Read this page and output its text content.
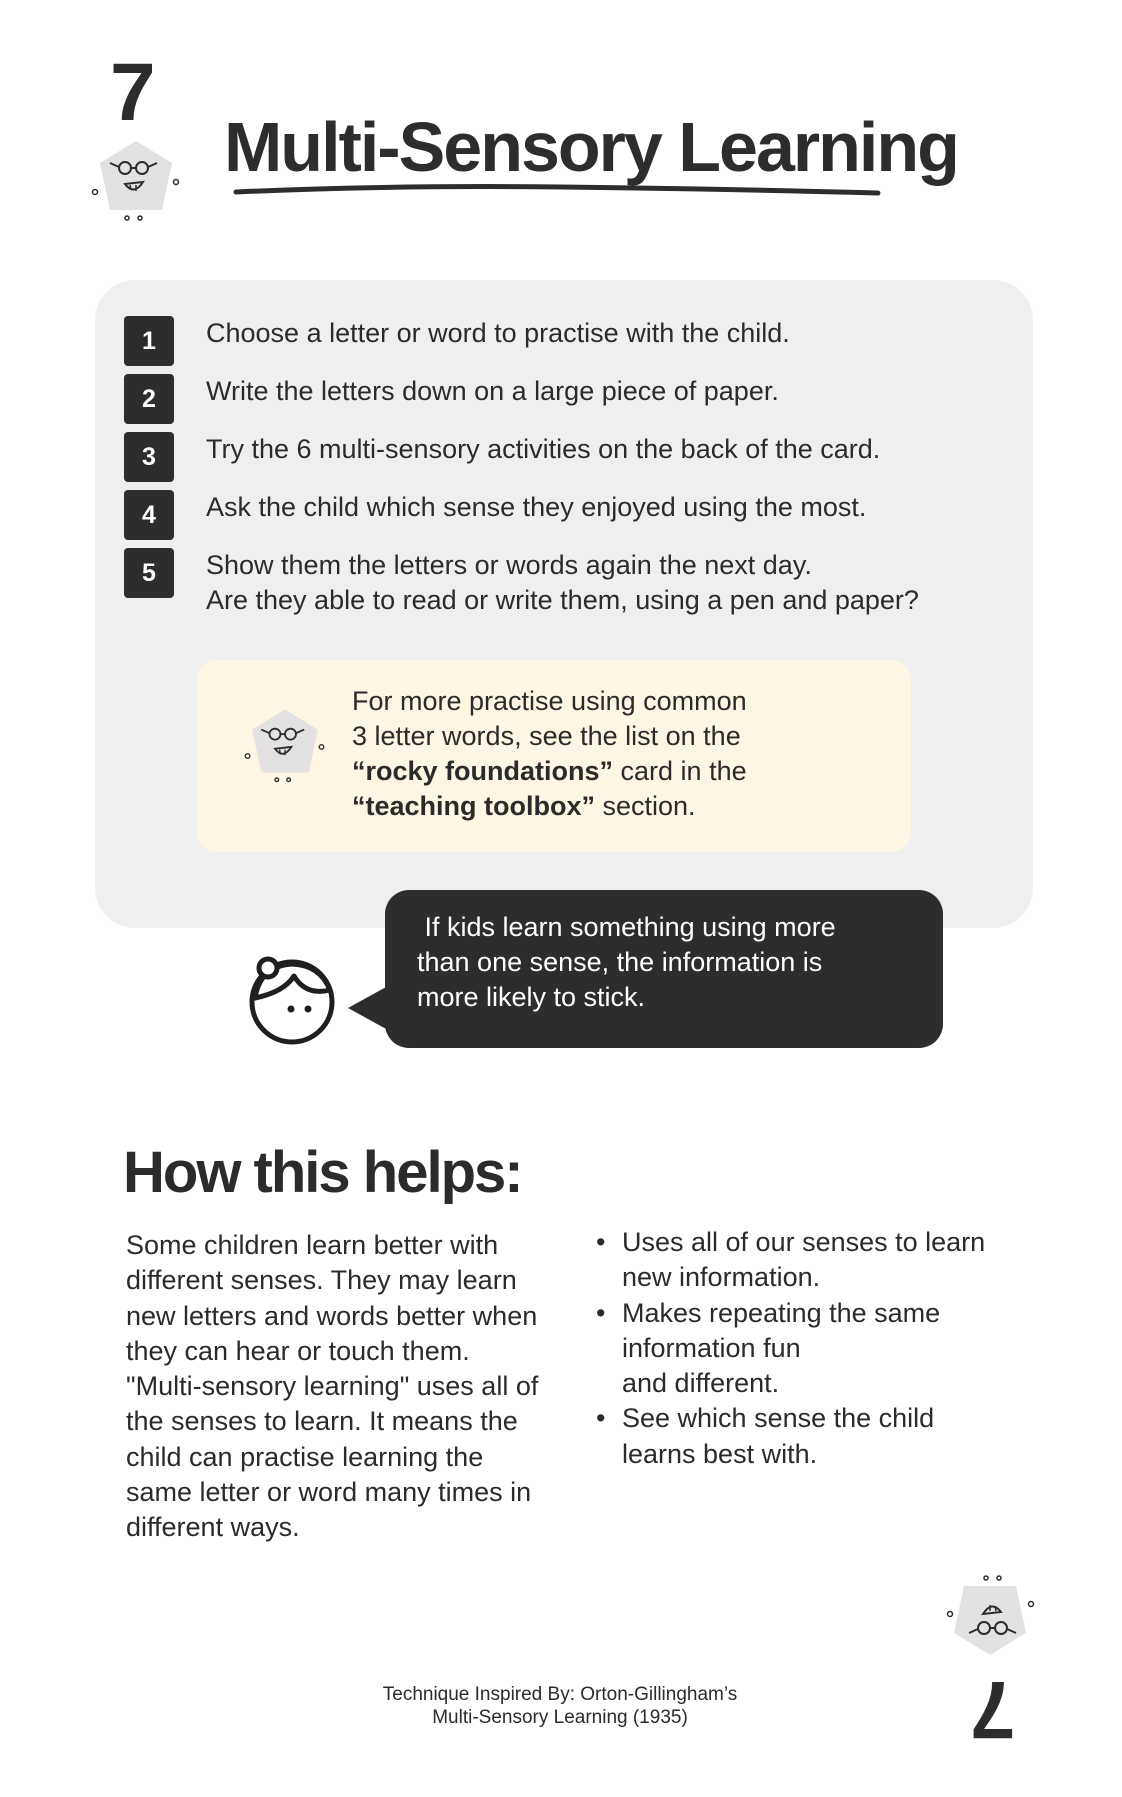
7
Multi-Sensory Learning
1	Choose a letter or word to practise with the child.
2	Write the letters down on a large piece of paper.
3	Try the 6 multi-sensory activities on the back of the card.
4	Ask the child which sense they enjoyed using the most.
5	Show them the letters or words again the next day.
Are they able to read or write them, using a pen and paper?
For more practise using common
3 letter words, see the list on the
“rocky foundations” card in the
“teaching toolbox” section.
If kids learn something using more
than one sense, the information is
more likely to stick.
How this helps:
Some children learn better with
different senses. They may learn
new letters and words better when
they can hear or touch them.
"Multi-sensory learning" uses all of
the senses to learn. It means the
child can practise learning the
same letter or word many times in
different ways.
• Uses all of our senses to learn
new information.
• Makes repeating the same
information fun
and different.
• See which sense the child
learns best with.
Technique Inspired By: Orton-Gillingham’s
Multi-Sensory Learning (1935)	7
